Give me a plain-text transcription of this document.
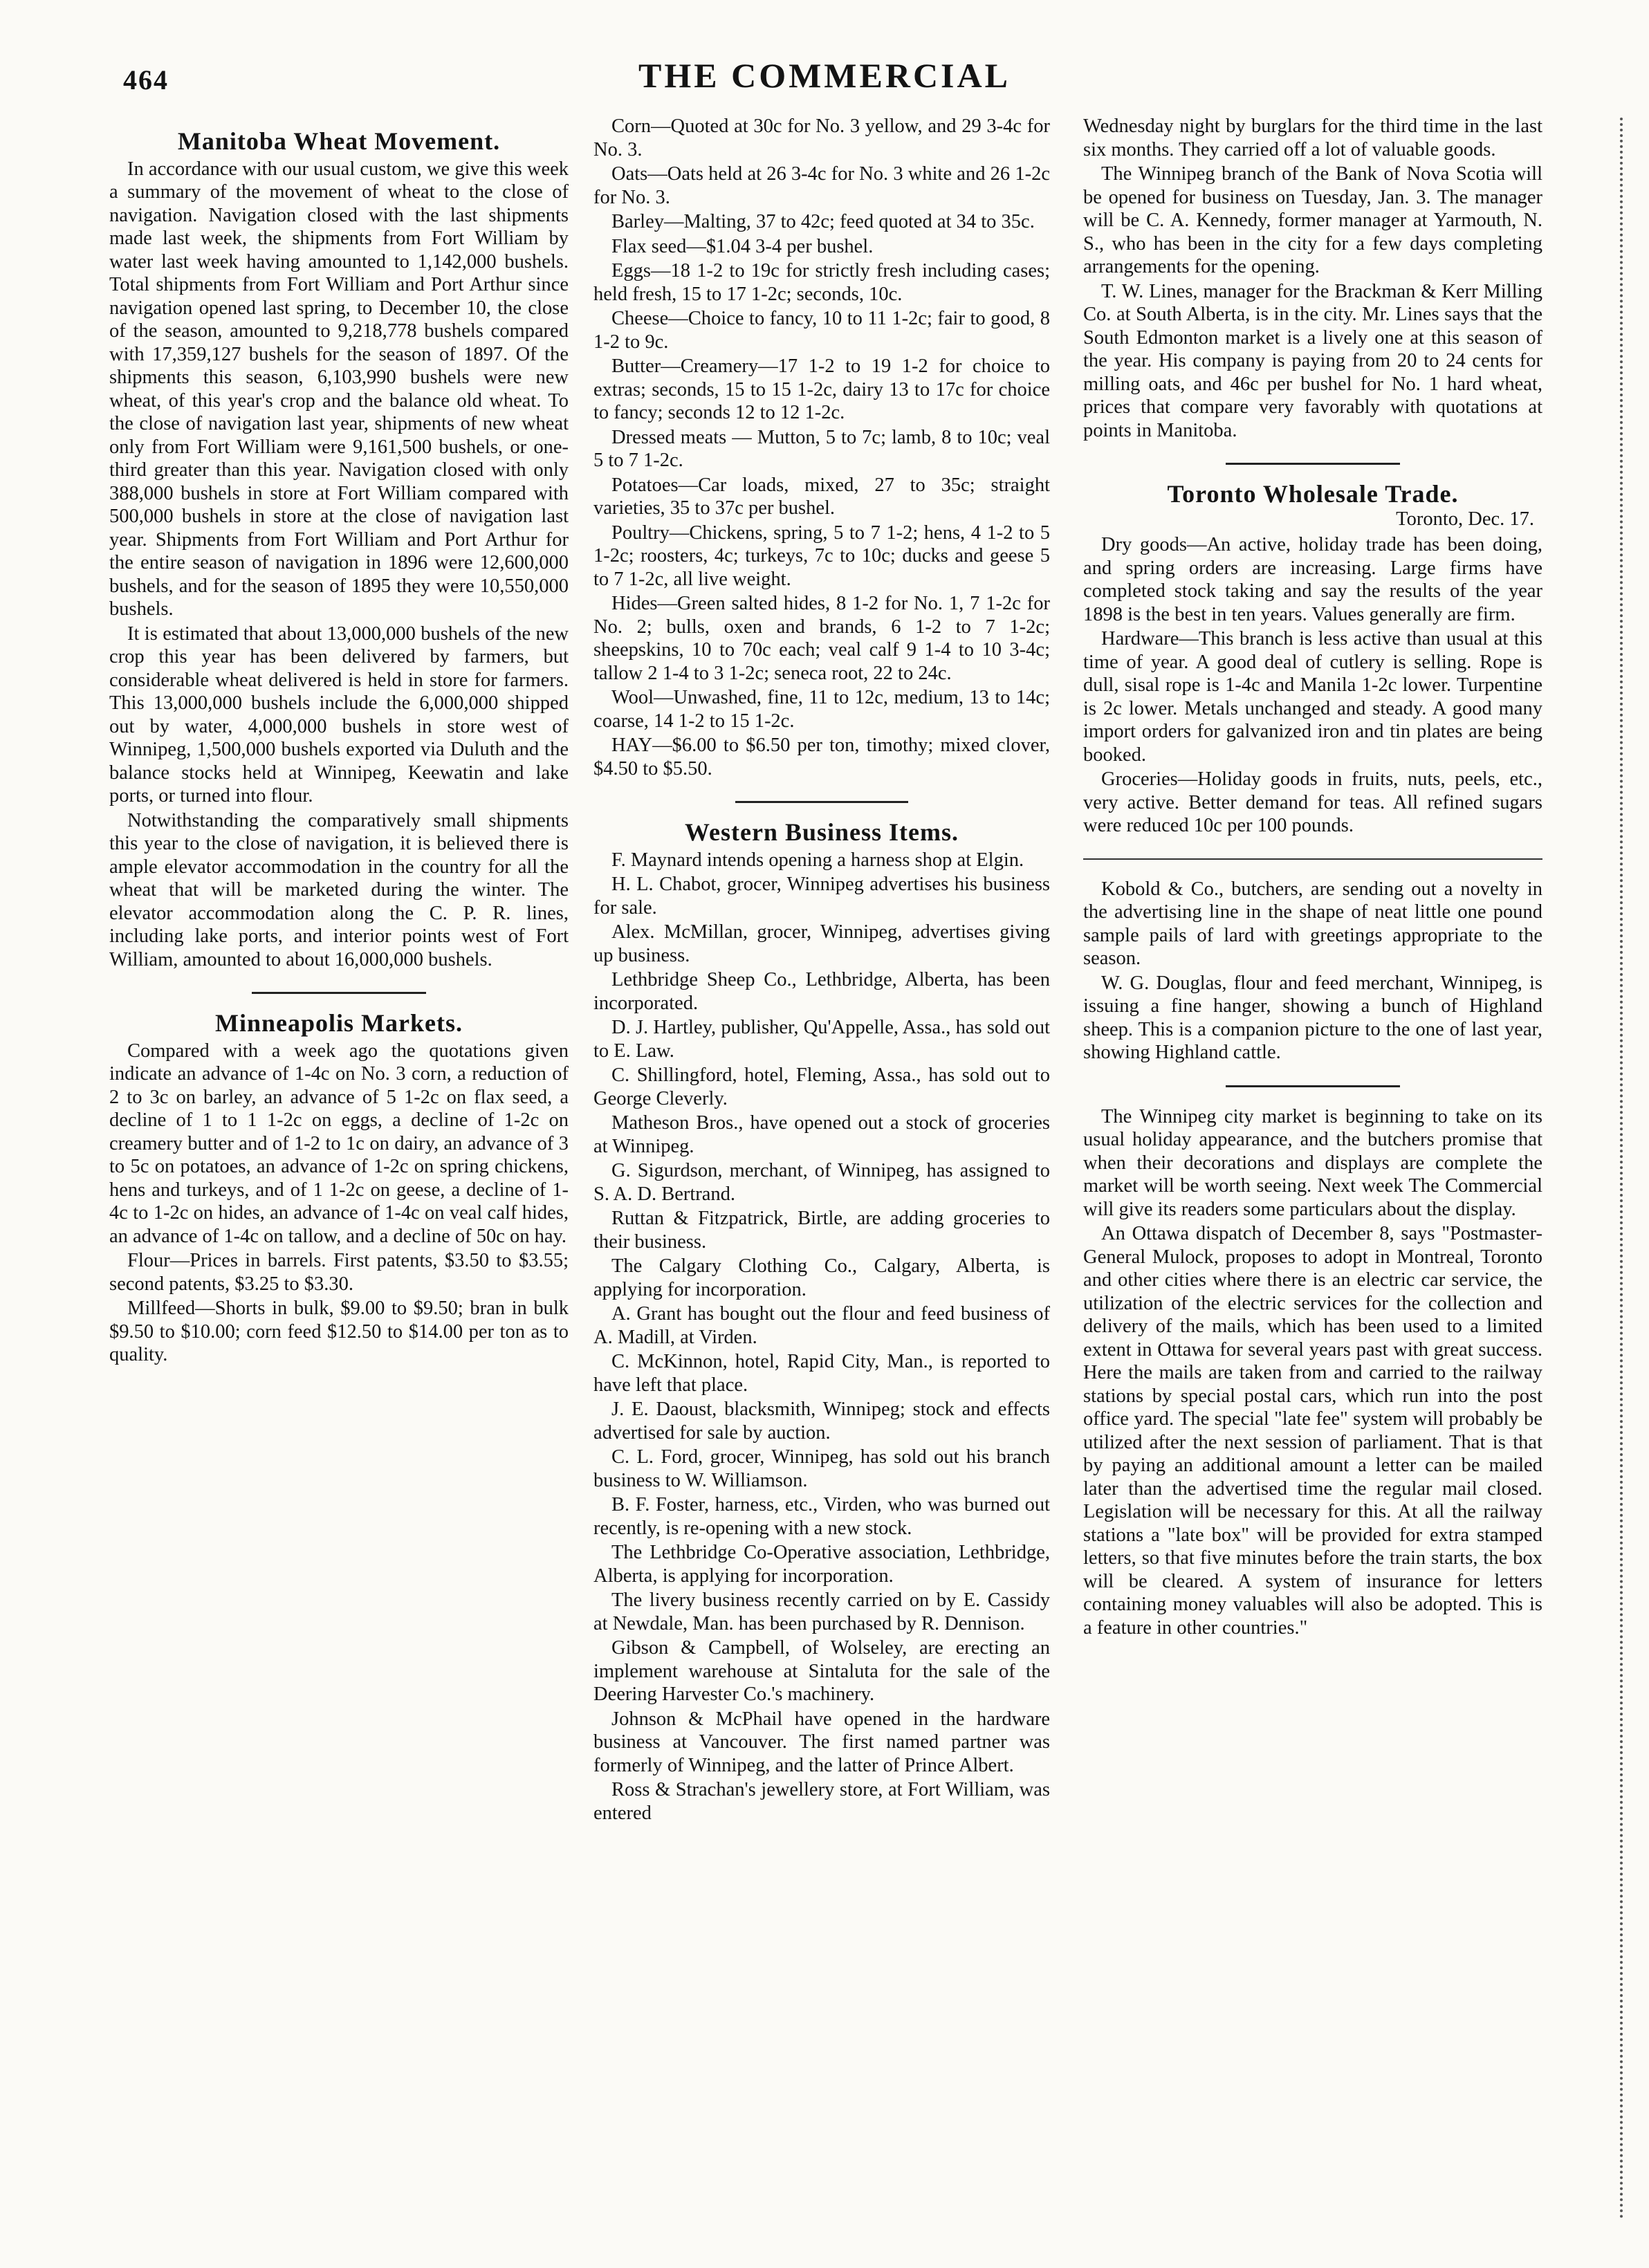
464	THE COMMERCIAL
Manitoba Wheat Movement.

In accordance with our usual custom, we give this week a summary of the movement of wheat to the close of navigation. Navigation closed with the last shipments made last week, the shipments from Fort William by water last week having amounted to 1,142,000 bushels. Total shipments from Fort William and Port Arthur since navigation opened last spring, to December 10, the close of the season, amounted to 9,218,778 bushels compared with 17,359,127 bushels for the season of 1897. Of the shipments this season, 6,103,990 bushels were new wheat, of this year's crop and the balance old wheat. To the close of navigation last year, shipments of new wheat only from Fort William were 9,161,500 bushels, or one-third greater than this year. Navigation closed with only 388,000 bushels in store at Fort William compared with 500,000 bushels in store at the close of navigation last year. Shipments from Fort William and Port Arthur for the entire season of navigation in 1896 were 12,600,000 bushels, and for the season of 1895 they were 10,550,000 bushels.

It is estimated that about 13,000,000 bushels of the new crop this year has been delivered by farmers, but considerable wheat delivered is held in store for farmers. This 13,000,000 bushels include the 6,000,000 shipped out by water, 4,000,000 bushels in store west of Winnipeg, 1,500,000 bushels exported via Duluth and the balance stocks held at Winnipeg, Keewatin and lake ports, or turned into flour.

Notwithstanding the comparatively small shipments this year to the close of navigation, it is believed there is ample elevator accommodation in the country for all the wheat that will be marketed during the winter. The elevator accommodation along the C. P. R. lines, including lake ports, and interior points west of Fort William, amounted to about 16,000,000 bushels.

Minneapolis Markets.

Compared with a week ago the quotations given indicate an advance of 1-4c on No. 3 corn, a reduction of 2 to 3c on barley, an advance of 5 1-2c on flax seed, a decline of 1 to 1 1-2c on eggs, a decline of 1-2c on creamery butter and of 1-2 to 1c on dairy, an advance of 3 to 5c on potatoes, an advance of 1-2c on spring chickens, hens and turkeys, and of 1 1-2c on geese, a decline of 1-4c to 1-2c on hides, an advance of 1-4c on veal calf hides, an advance of 1-4c on tallow, and a decline of 50c on hay.

Flour—Prices in barrels. First patents, $3.50 to $3.55; second patents, $3.25 to $3.30.

Millfeed—Shorts in bulk, $9.00 to $9.50; bran in bulk $9.50 to $10.00; corn feed $12.50 to $14.00 per ton as to quality.

Corn—Quoted at 30c for No. 3 yellow, and 29 3-4c for No. 3.

Oats—Oats held at 26 3-4c for No. 3 white and 26 1-2c for No. 3.

Barley—Malting, 37 to 42c; feed quoted at 34 to 35c.

Flax seed—$1.04 3-4 per bushel.

Eggs—18 1-2 to 19c for strictly fresh including cases; held fresh, 15 to 17 1-2c; seconds, 10c.

Cheese—Choice to fancy, 10 to 11 1-2c; fair to good, 8 1-2 to 9c.

Butter—Creamery—17 1-2 to 19 1-2 for choice to extras; seconds, 15 to 15 1-2c, dairy 13 to 17c for choice to fancy; seconds 12 to 12 1-2c.

Dressed meats — Mutton, 5 to 7c; lamb, 8 to 10c; veal 5 to 7 1-2c.

Potatoes—Car loads, mixed, 27 to 35c; straight varieties, 35 to 37c per bushel.

Poultry—Chickens, spring, 5 to 7 1-2; hens, 4 1-2 to 5 1-2c; roosters, 4c; turkeys, 7c to 10c; ducks and geese 5 to 7 1-2c, all live weight.

Hides—Green salted hides, 8 1-2 for No. 1, 7 1-2c for No. 2; bulls, oxen and brands, 6 1-2 to 7 1-2c; sheepskins, 10 to 70c each; veal calf 9 1-4 to 10 3-4c; tallow 2 1-4 to 3 1-2c; seneca root, 22 to 24c.

Wool—Unwashed, fine, 11 to 12c, medium, 13 to 14c; coarse, 14 1-2 to 15 1-2c.

HAY—$6.00 to $6.50 per ton, timothy; mixed clover, $4.50 to $5.50.

Western Business Items.

F. Maynard intends opening a harness shop at Elgin.

H. L. Chabot, grocer, Winnipeg advertises his business for sale.

Alex. McMillan, grocer, Winnipeg, advertises giving up business.

Lethbridge Sheep Co., Lethbridge, Alberta, has been incorporated.

D. J. Hartley, publisher, Qu'Appelle, Assa., has sold out to E. Law.

C. Shillingford, hotel, Fleming, Assa., has sold out to George Cleverly.

Matheson Bros., have opened out a stock of groceries at Winnipeg.

G. Sigurdson, merchant, of Winnipeg, has assigned to S. A. D. Bertrand.

Ruttan & Fitzpatrick, Birtle, are adding groceries to their business.

The Calgary Clothing Co., Calgary, Alberta, is applying for incorporation.

A. Grant has bought out the flour and feed business of A. Madill, at Virden.

C. McKinnon, hotel, Rapid City, Man., is reported to have left that place.

J. E. Daoust, blacksmith, Winnipeg; stock and effects advertised for sale by auction.

C. L. Ford, grocer, Winnipeg, has sold out his branch business to W. Williamson.

B. F. Foster, harness, etc., Virden, who was burned out recently, is re-opening with a new stock.

The Lethbridge Co-Operative association, Lethbridge, Alberta, is applying for incorporation.

The livery business recently carried on by E. Cassidy at Newdale, Man. has been purchased by R. Dennison.

Gibson & Campbell, of Wolseley, are erecting an implement warehouse at Sintaluta for the sale of the Deering Harvester Co.'s machinery.

Johnson & McPhail have opened in the hardware business at Vancouver. The first named partner was formerly of Winnipeg, and the latter of Prince Albert.

Ross & Strachan's jewellery store, at Fort William, was entered

Wednesday night by burglars for the third time in the last six months. They carried off a lot of valuable goods.

The Winnipeg branch of the Bank of Nova Scotia will be opened for business on Tuesday, Jan. 3. The manager will be C. A. Kennedy, former manager at Yarmouth, N. S., who has been in the city for a few days completing arrangements for the opening.

T. W. Lines, manager for the Brackman & Kerr Milling Co. at South Alberta, is in the city. Mr. Lines says that the South Edmonton market is a lively one at this season of the year. His company is paying from 20 to 24 cents for milling oats, and 46c per bushel for No. 1 hard wheat, prices that compare very favorably with quotations at points in Manitoba.

Toronto Wholesale Trade.

Toronto, Dec. 17.

Dry goods—An active, holiday trade has been doing, and spring orders are increasing. Large firms have completed stock taking and say the results of the year 1898 is the best in ten years. Values generally are firm.

Hardware—This branch is less active than usual at this time of year. A good deal of cutlery is selling. Rope is dull, sisal rope is 1-4c and Manila 1-2c lower. Turpentine is 2c lower. Metals unchanged and steady. A good many import orders for galvanized iron and tin plates are being booked.

Groceries—Holiday goods in fruits, nuts, peels, etc., very active. Better demand for teas. All refined sugars were reduced 10c per 100 pounds.

Kobold & Co., butchers, are sending out a novelty in the advertising line in the shape of neat little one pound sample pails of lard with greetings appropriate to the season.

W. G. Douglas, flour and feed merchant, Winnipeg, is issuing a fine hanger, showing a bunch of Highland sheep. This is a companion picture to the one of last year, showing Highland cattle.

The Winnipeg city market is beginning to take on its usual holiday appearance, and the butchers promise that when their decorations and displays are complete the market will be worth seeing. Next week The Commercial will give its readers some particulars about the display.

An Ottawa dispatch of December 8, says "Postmaster-General Mulock, proposes to adopt in Montreal, Toronto and other cities where there is an electric car service, the utilization of the electric services for the collection and delivery of the mails, which has been used to a limited extent in Ottawa for several years past with great success. Here the mails are taken from and carried to the railway stations by special postal cars, which run into the post office yard. The special "late fee" system will probably be utilized after the next session of parliament. That is that by paying an additional amount a letter can be mailed later than the advertised time the regular mail closed. Legislation will be necessary for this. At all the railway stations a "late box" will be provided for extra stamped letters, so that five minutes before the train starts, the box will be cleared. A system of insurance for letters containing money valuables will also be adopted. This is a feature in other countries."
